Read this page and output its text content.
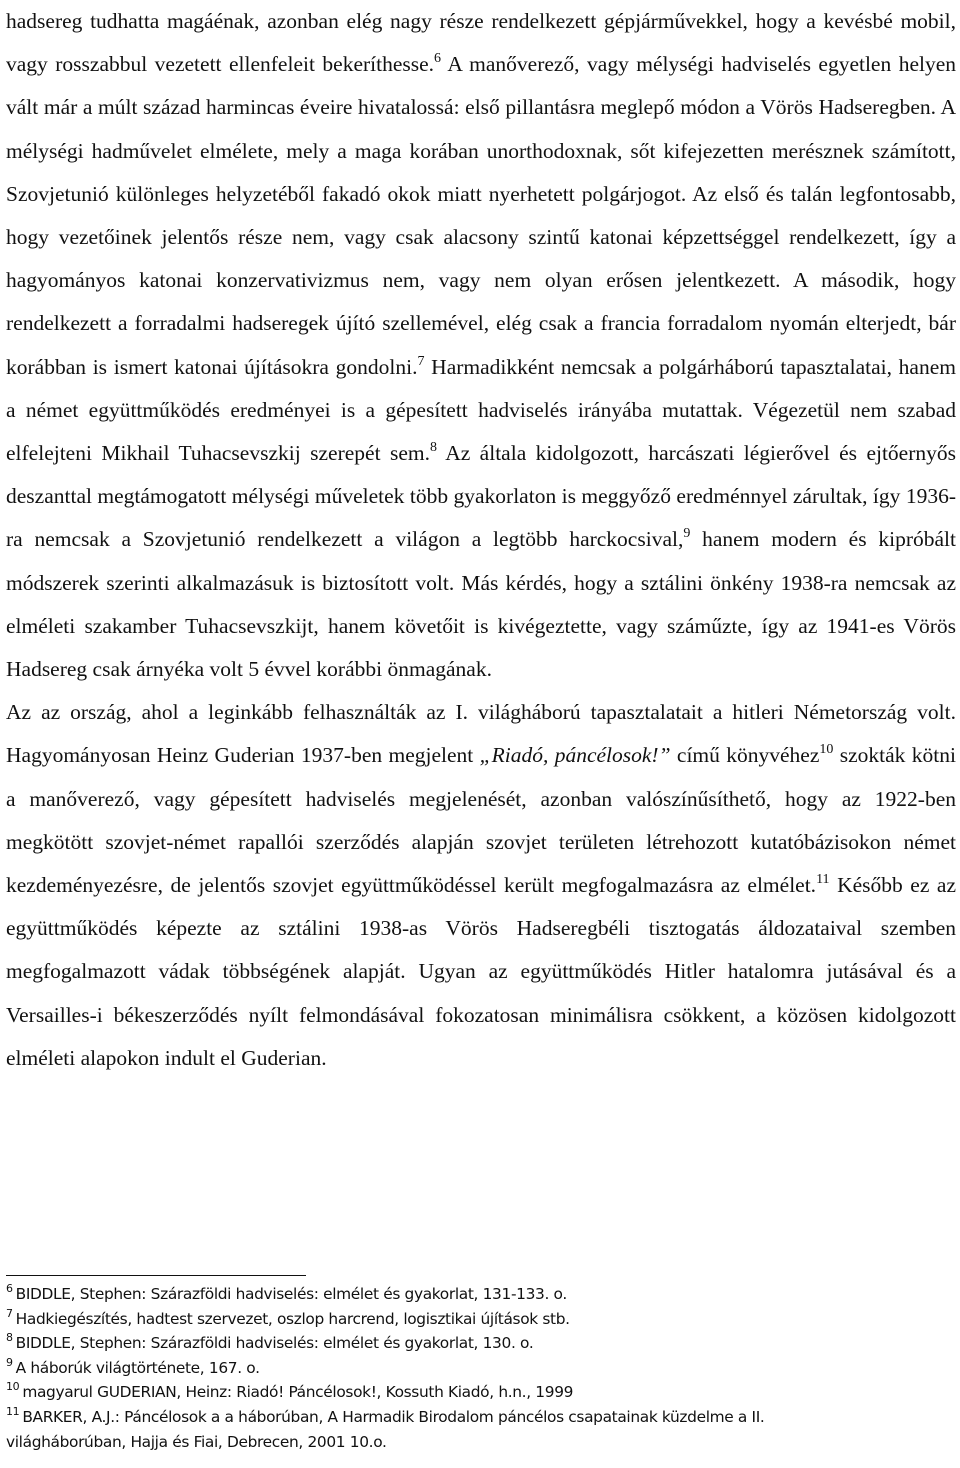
hadsereg tudhatta magáénak, azonban elég nagy része rendelkezett gépjárművekkel, hogy a kevésbé mobil, vagy rosszabbul vezetett ellenfeleit bekeríthesse.$^6$ A manőverező, vagy mélységi hadviselés egyetlen helyen vált már a múlt század harmincas éveire hivatalossá: első pillantásra meglepő módon a Vörös Hadseregben. A mélységi hadművelet elmélete, mely a maga korában unorthodoxnak, sőt kifejezetten merésznek számított, Szovjetunió különleges helyzetéből fakadó okok miatt nyerhetett polgárjogot. Az első és talán legfontosabb, hogy vezetőinek jelentős része nem, vagy csak alacsony szintű katonai képzettséggel rendelkezett, így a hagyományos katonai konzervativizmus nem, vagy nem olyan erősen jelentkezett. A második, hogy rendelkezett a forradalmi hadseregek újító szellemével, elég csak a francia forradalom nyomán elterjedt, bár korábban is ismert katonai újításokra gondolni.$^7$ Harmadikként nemcsak a polgárháború tapasztalatai, hanem a német együttműködés eredményei is a gépesített hadviselés irányába mutattak. Végezetül nem szabad elfelejteni Mikhail Tuhacsevszkij szerepét sem.$^8$ Az általa kidolgozott, harcászati légierővel és ejtőernyős deszanttal megtámogatott mélységi műveletek több gyakorlaton is meggyőző eredménnyel zárultak, így 1936-ra nemcsak a Szovjetunió rendelkezett a világon a legtöbb harckocsival,$^9$ hanem modern és kipróbált módszerek szerinti alkalmazásuk is biztosított volt. Más kérdés, hogy a sztálini önkény 1938-ra nemcsak az elméleti szakamber Tuhacsevszkijt, hanem követőit is kivégeztette, vagy száműzte, így az 1941-es Vörös Hadsereg csak árnyéka volt 5 évvel korábbi önmagának.

Az az ország, ahol a leginkább felhasználták az I. világháború tapasztalatait a hitleri Németország volt. Hagyományosan Heinz Guderian 1937-ben megjelent „Riadó, páncélosok!” című könyvéhez$^{10}$ szokták kötni a manőverező, vagy gépesített hadviselés megjelenését, azonban valószínűsíthető, hogy az 1922-ben megkötött szovjet-német rapallói szerződés alapján szovjet területen létrehozott kutatóbázisokon német kezdeményezésre, de jelentős szovjet együttműködéssel került megfogalmazásra az elmélet.$^{11}$ Később ez az együttműködés képezte az sztálini 1938-as Vörös Hadseregbéli tisztogatás áldozataival szemben megfogalmazott vádak többségének alapját. Ugyan az együttműködés Hitler hatalomra jutásával és a Versailles-i békeszerződés nyílt felmondásával fokozatosan minimálisra csökkent, a közösen kidolgozott elméleti alapokon indult el Guderian.

$^6$ BIDDLE, Stephen: Szárazföldi hadviselés: elmélet és gyakorlat, 131-133. o.

$^7$ Hadkiegészítés, hadtest szervezet, oszlop harcrend, logisztikai újítások stb.

$^8$ BIDDLE, Stephen: Szárazföldi hadviselés: elmélet és gyakorlat, 130. o.

$^9$ A háborúk világtörténete, 167. o.

$^{10}$ magyarul GUDERIAN, Heinz: Riadó! Páncélosok!, Kossuth Kiadó, h.n., 1999

$^{11}$ BARKER, A.J.: Páncélosok a a háborúban, A Harmadik Birodalom páncélos csapatainak küzdelme a II.

világháborúban, Hajja és Fiai, Debrecen, 2001 10.o.
